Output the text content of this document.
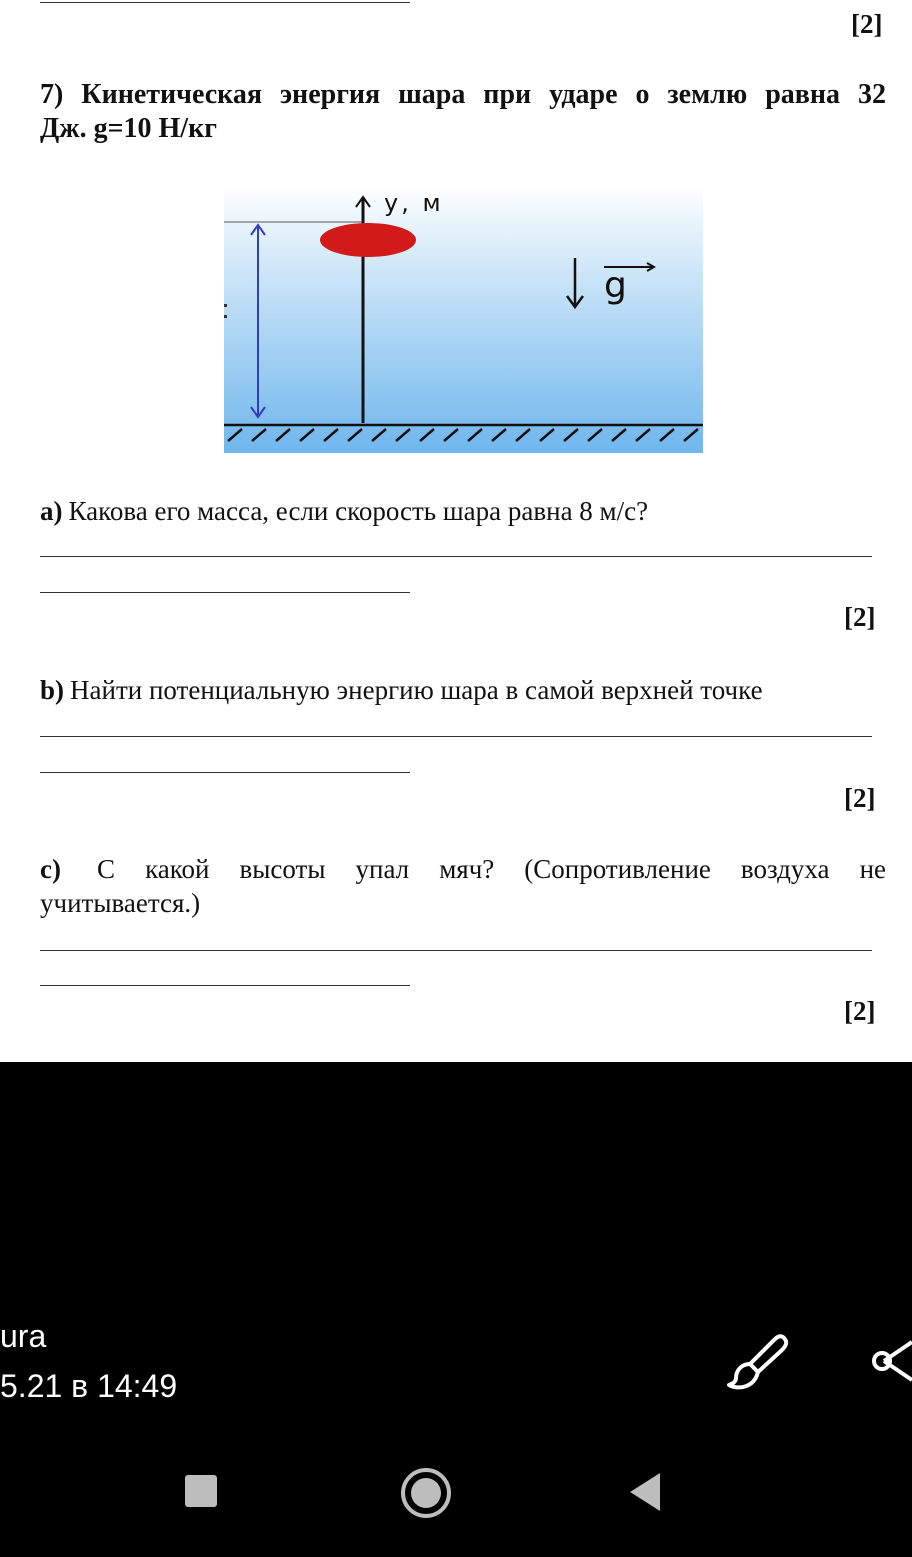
[2]
7) Кинетическая энергия шара при ударе о землю равна 32
Дж. g=10 Н/кг
y, м
g
a) Какова его масса, если скорость шара равна 8 м/с?
[2]
b) Найти потенциальную энергию шара в самой верхней точке
[2]
c) С какой высоты упал мяч? (Сопротивление воздуха не
учитывается.)
[2]
ura
5.21 в 14:49
